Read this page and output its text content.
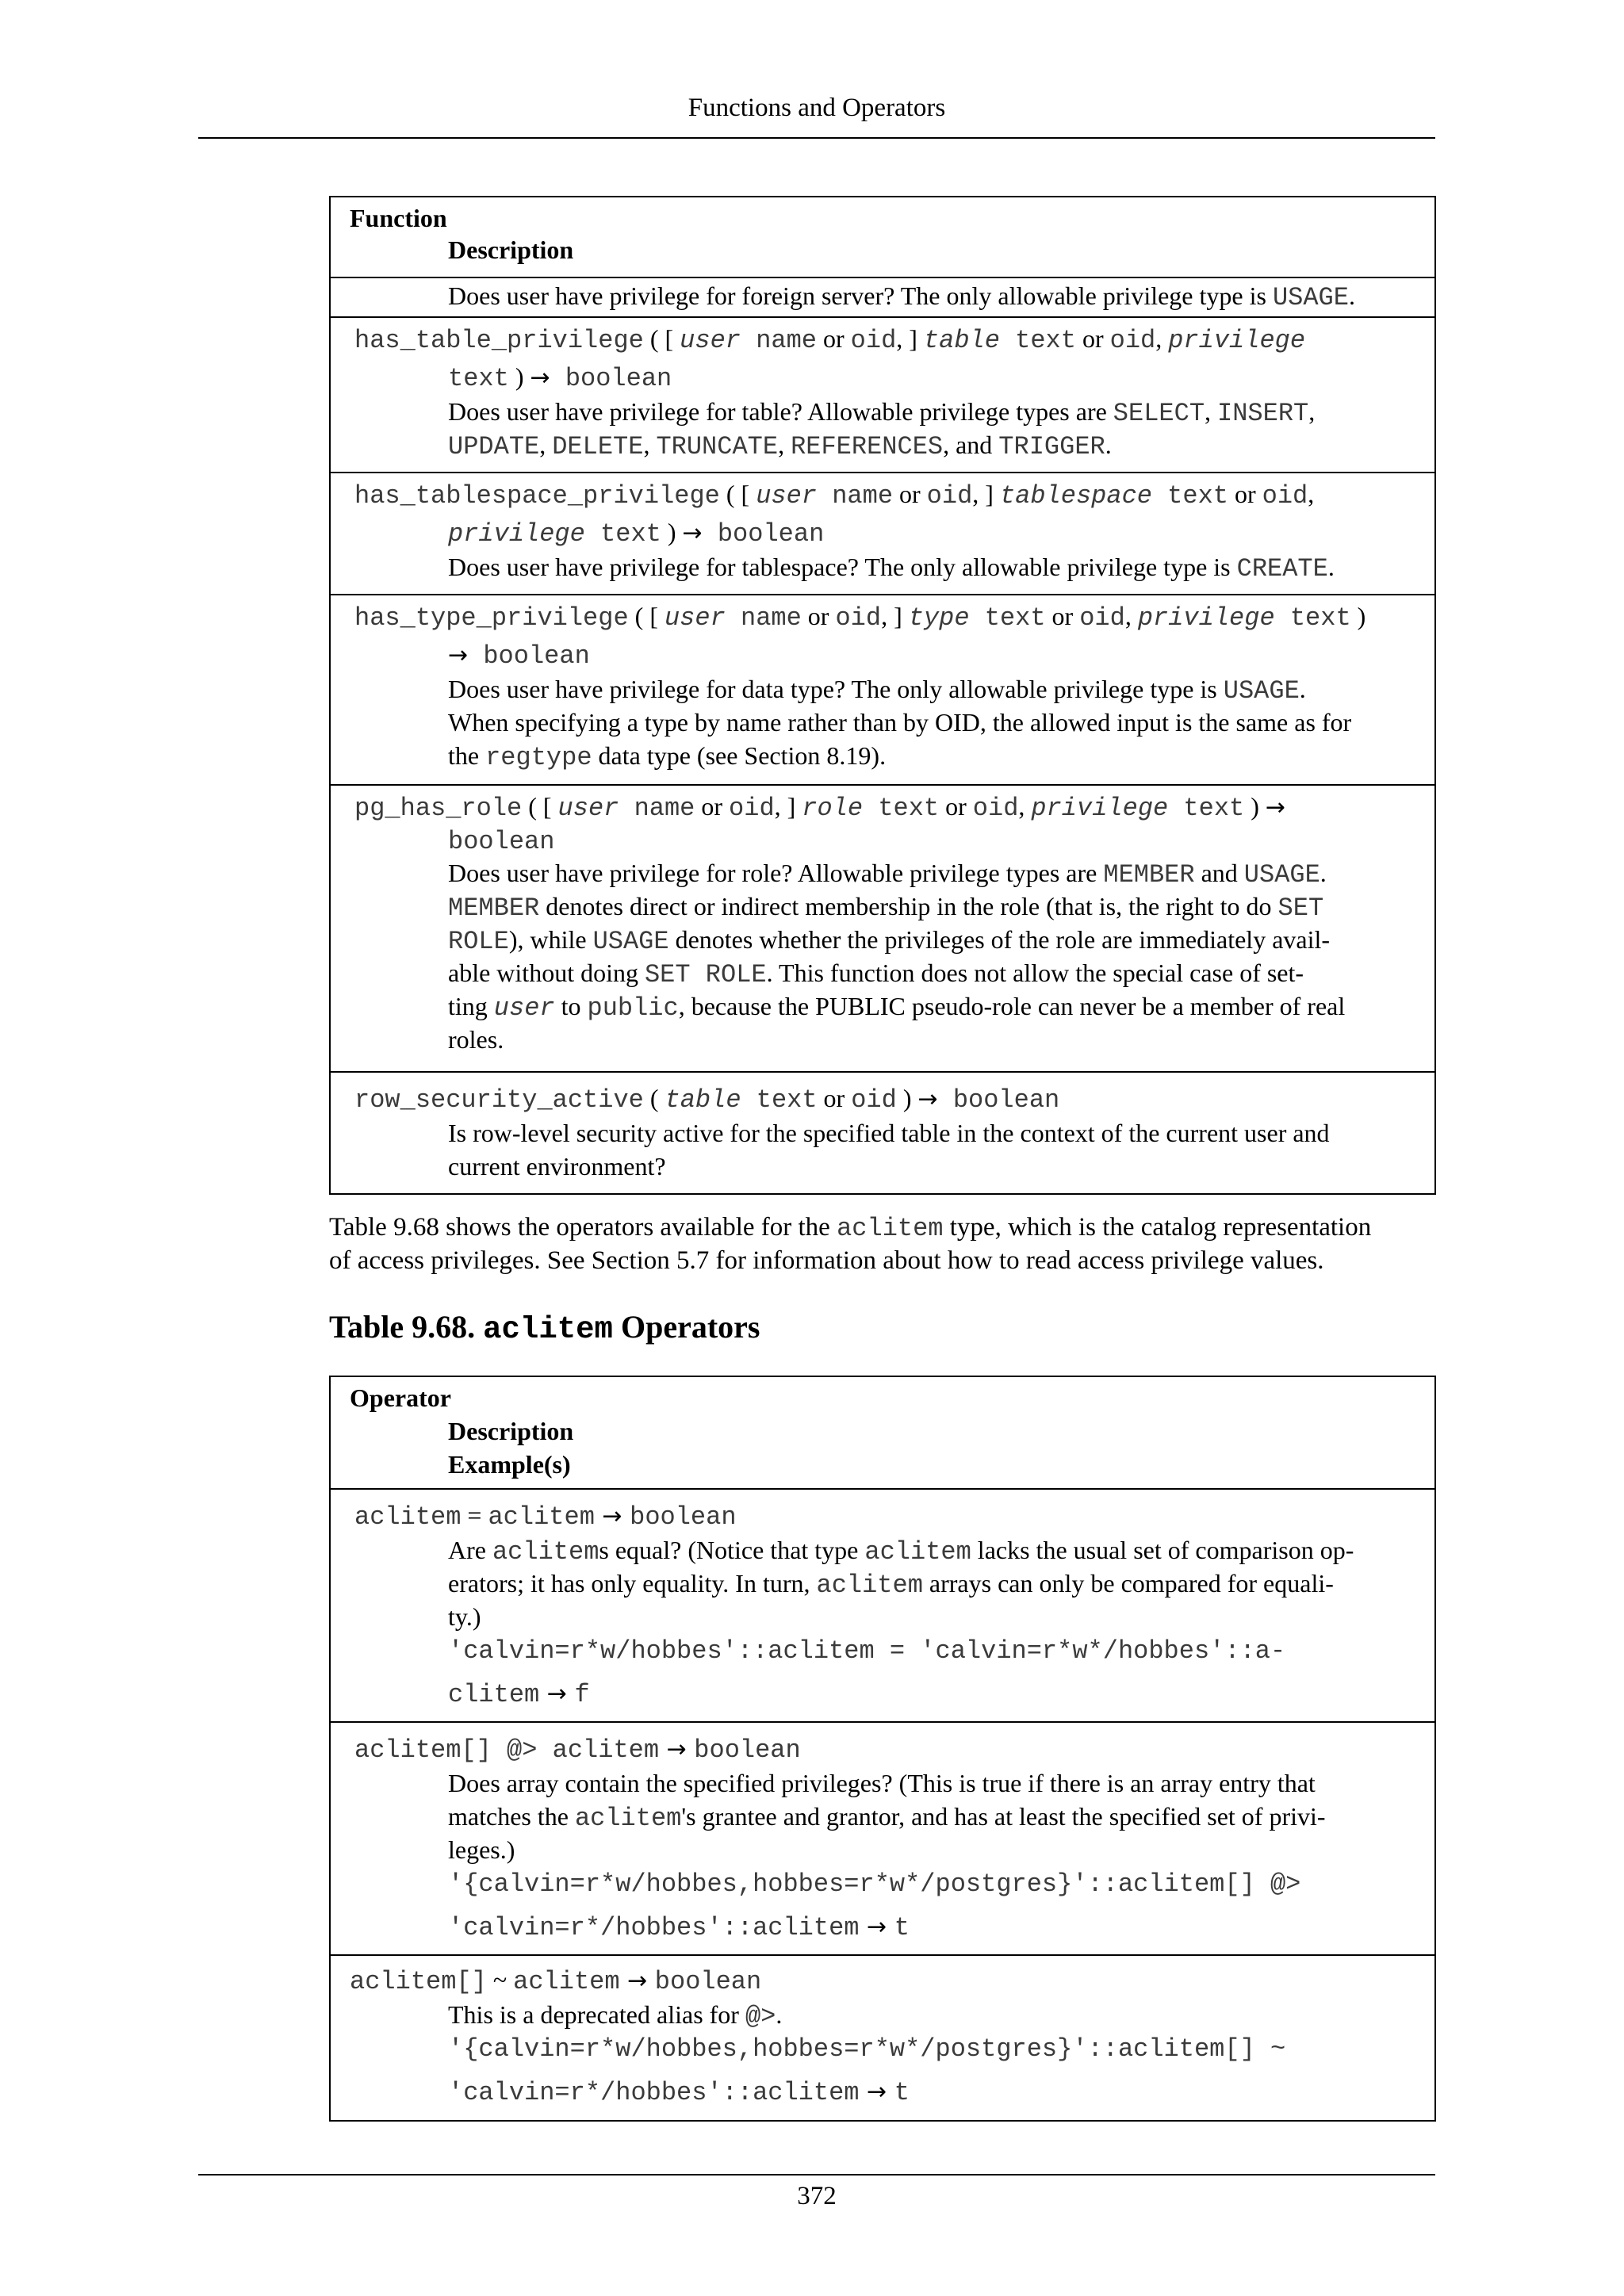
Functions and Operators
Function
Description
Does user have privilege for foreign server? The only allowable privilege type is USAGE.
has_table_privilege ( [ user name or oid, ] table text or oid, privilege
text ) → boolean
Does user have privilege for table? Allowable privilege types are SELECT, INSERT,
UPDATE, DELETE, TRUNCATE, REFERENCES, and TRIGGER.
has_tablespace_privilege ( [ user name or oid, ] tablespace text or oid,
privilege text ) → boolean
Does user have privilege for tablespace? The only allowable privilege type is CREATE.
has_type_privilege ( [ user name or oid, ] type text or oid, privilege text )
→ boolean
Does user have privilege for data type? The only allowable privilege type is USAGE.
When specifying a type by name rather than by OID, the allowed input is the same as for
the regtype data type (see Section 8.19).
pg_has_role ( [ user name or oid, ] role text or oid, privilege text ) →
boolean
Does user have privilege for role? Allowable privilege types are MEMBER and USAGE.
MEMBER denotes direct or indirect membership in the role (that is, the right to do SET
ROLE), while USAGE denotes whether the privileges of the role are immediately avail-
able without doing SET ROLE. This function does not allow the special case of set-
ting user to public, because the PUBLIC pseudo-role can never be a member of real
roles.
row_security_active ( table text or oid ) → boolean
Is row-level security active for the specified table in the context of the current user and
current environment?
Table 9.68 shows the operators available for the aclitem type, which is the catalog representation
of access privileges. See Section 5.7 for information about how to read access privilege values.
Table 9.68. aclitem Operators
Operator
Description
Example(s)
aclitem = aclitem → boolean
Are aclitems equal? (Notice that type aclitem lacks the usual set of comparison op-
erators; it has only equality. In turn, aclitem arrays can only be compared for equali-
ty.)
'calvin=r*w/hobbes'::aclitem = 'calvin=r*w*/hobbes'::a-
clitem → f
aclitem[] @> aclitem → boolean
Does array contain the specified privileges? (This is true if there is an array entry that
matches the aclitem's grantee and grantor, and has at least the specified set of privi-
leges.)
'{calvin=r*w/hobbes,hobbes=r*w*/postgres}'::aclitem[] @>
'calvin=r*/hobbes'::aclitem → t
aclitem[] ~ aclitem → boolean
This is a deprecated alias for @>.
'{calvin=r*w/hobbes,hobbes=r*w*/postgres}'::aclitem[] ~
'calvin=r*/hobbes'::aclitem → t
372
